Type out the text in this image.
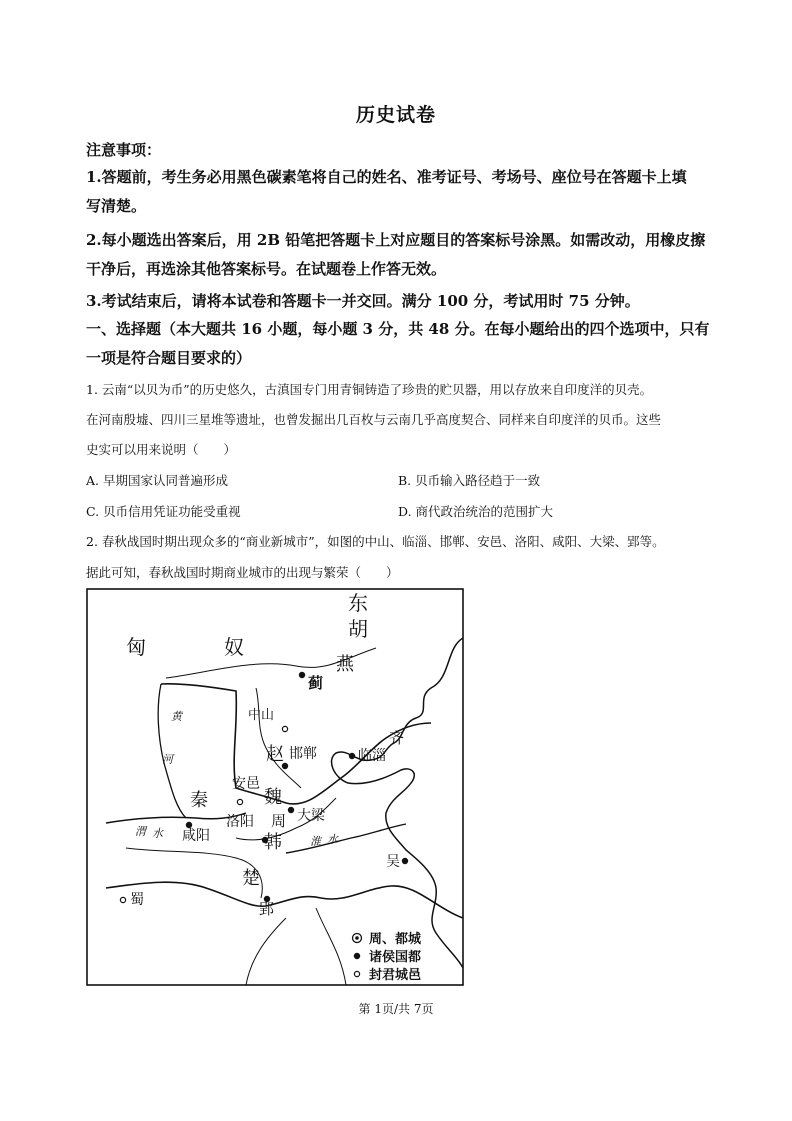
历史试卷
注意事项：
1.答题前，考生务必用黑色碳素笔将自己的姓名、准考证号、考场号、座位号在答题卡上填
写清楚。
2.每小题选出答案后，用 2B 铅笔把答题卡上对应题目的答案标号涂黑。如需改动，用橡皮擦
干净后，再选涂其他答案标号。在试题卷上作答无效。
3.考试结束后，请将本试卷和答题卡一并交回。满分 100 分，考试用时 75 分钟。
一、选择题（本大题共 16 小题，每小题 3 分，共 48 分。在每小题给出的四个选项中，只有
一项是符合题目要求的）
1. 云南“以贝为币”的历史悠久，古滇国专门用青铜铸造了珍贵的贮贝器，用以存放来自印度洋的贝壳。
在河南殷墟、四川三星堆等遗址，也曾发掘出几百枚与云南几乎高度契合、同样来自印度洋的贝币。这些
史实可以用来说明（　　）
A. 早期国家认同普遍形成	B. 贝币输入路径趋于一致
C. 贝币信用凭证功能受重视	D. 商代政治统治的范围扩大
2. 春秋战国时期出现众多的“商业新城市”，如图的中山、临淄、邯郸、安邑、洛阳、咸阳、大梁、郢等。
据此可知，春秋战国时期商业城市的出现与繁荣（　　）
东
胡
匈	奴
蓟
燕
黄
河
中山
赵 邯郸
齐
临淄
秦
安邑
魏
洛阳 周 大梁
渭 水 咸阳	韩	淮 水
吴
楚
蜀	郢
周、都城
诸侯国都
封君城邑
第 1页/共 7页
